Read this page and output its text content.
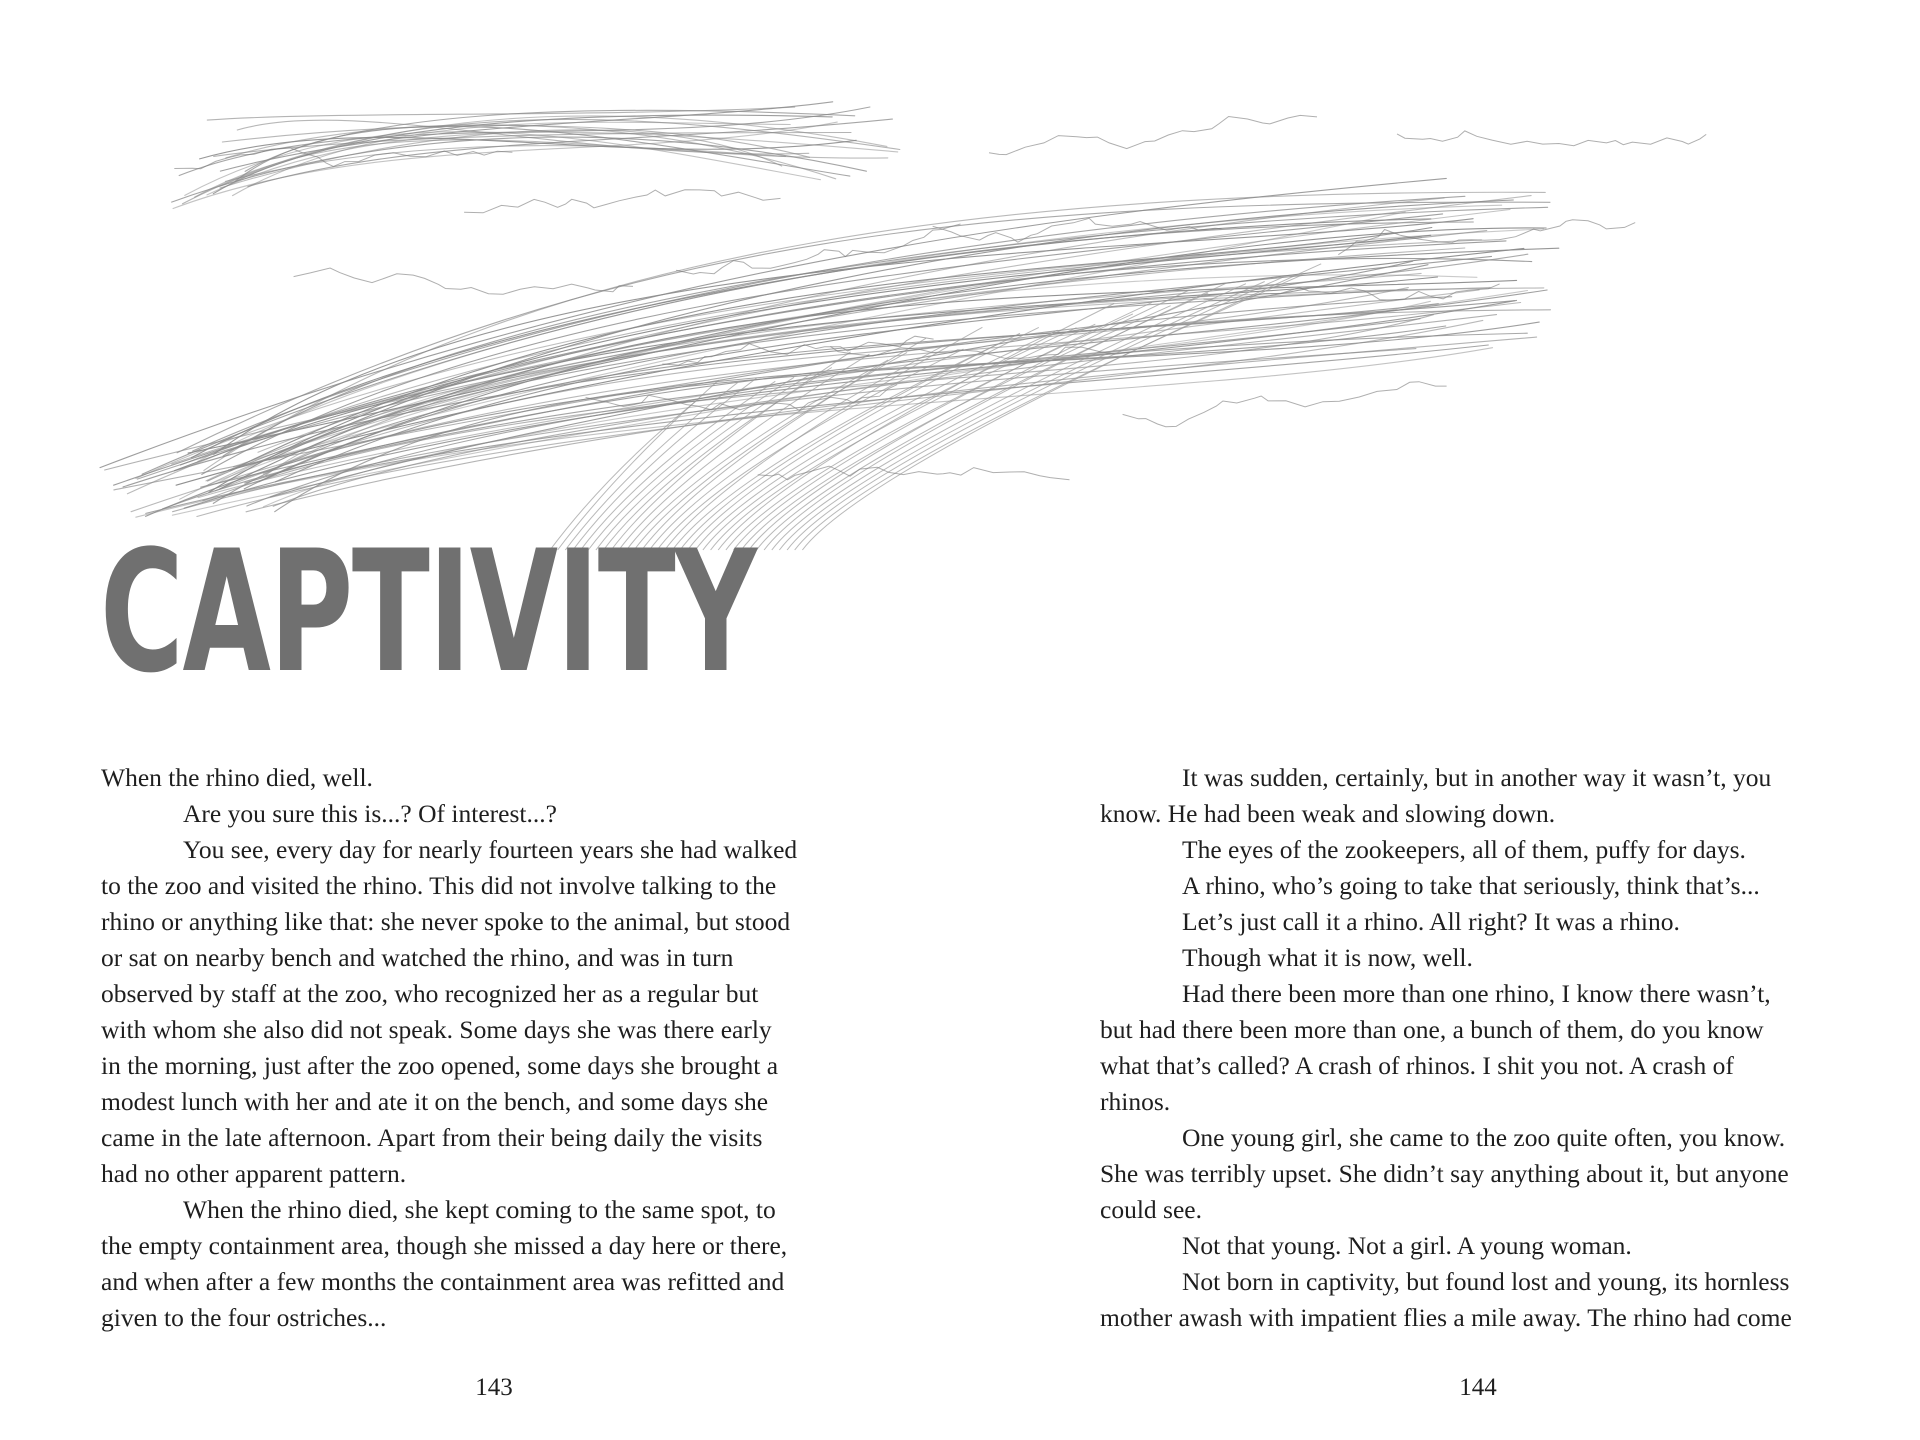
CAPTIVITY

When the rhino died, well.

Are you sure this is...? Of interest...?

You see, every day for nearly fourteen years she had walked

to the zoo and visited the rhino. This did not involve talking to the

rhino or anything like that: she never spoke to the animal, but stood

or sat on nearby bench and watched the rhino, and was in turn

observed by staff at the zoo, who recognized her as a regular but

with whom she also did not speak. Some days she was there early

in the morning, just after the zoo opened, some days she brought a

modest lunch with her and ate it on the bench, and some days she

came in the late afternoon. Apart from their being daily the visits

had no other apparent pattern.

When the rhino died, she kept coming to the same spot, to

the empty containment area, though she missed a day here or there,

and when after a few months the containment area was refitted and

given to the four ostriches...

It was sudden, certainly, but in another way it wasn’t, you

know. He had been weak and slowing down.

The eyes of the zookeepers, all of them, puffy for days.

A rhino, who’s going to take that seriously, think that’s...

Let’s just call it a rhino. All right? It was a rhino.

Though what it is now, well.

Had there been more than one rhino, I know there wasn’t,

but had there been more than one, a bunch of them, do you know

what that’s called? A crash of rhinos. I shit you not. A crash of

rhinos.

One young girl, she came to the zoo quite often, you know.

She was terribly upset. She didn’t say anything about it, but anyone

could see.

Not that young. Not a girl. A young woman.

Not born in captivity, but found lost and young, its hornless

mother awash with impatient flies a mile away. The rhino had come

143	144
